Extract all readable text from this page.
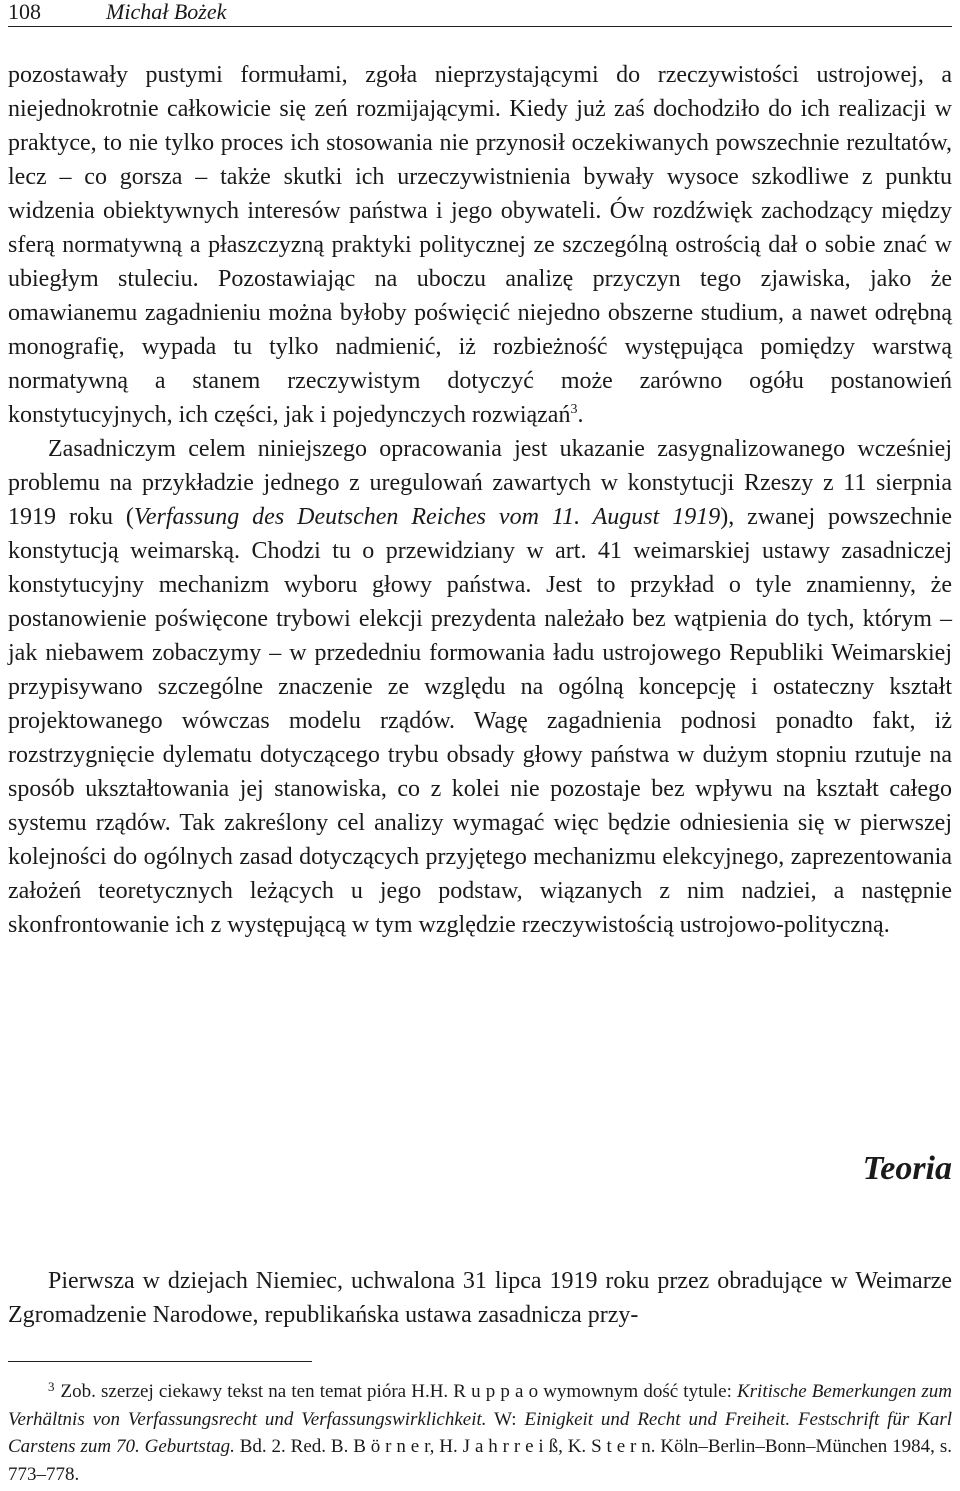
108	Michał Bożek

pozostawały pustymi formułami, zgoła nieprzystającymi do rzeczywistości ustrojowej, a niejednokrotnie całkowicie się zeń rozmijającymi. Kiedy już zaś dochodziło do ich realizacji w praktyce, to nie tylko proces ich stosowania nie przynosił oczekiwanych powszechnie rezultatów, lecz – co gorsza – także skutki ich urzeczywistnienia bywały wysoce szkodliwe z punktu widzenia obiektywnych interesów państwa i jego obywateli. Ów rozdźwięk zachodzący między sferą normatywną a płaszczyzną praktyki politycznej ze szczególną ostrością dał o sobie znać w ubiegłym stuleciu. Pozostawiając na uboczu analizę przyczyn tego zjawiska, jako że omawianemu zagadnieniu można byłoby poświęcić niejedno obszerne studium, a nawet odrębną monografię, wypada tu tylko nadmienić, iż rozbieżność występująca pomiędzy warstwą normatywną a stanem rzeczywistym dotyczyć może zarówno ogółu postanowień konstytucyjnych, ich części, jak i pojedynczych rozwiązań$^3$.

Zasadniczym celem niniejszego opracowania jest ukazanie zasygnalizowanego wcześniej problemu na przykładzie jednego z uregulowań zawartych w konstytucji Rzeszy z 11 sierpnia 1919 roku (Verfassung des Deutschen Reiches vom 11. August 1919), zwanej powszechnie konstytucją weimarską. Chodzi tu o przewidziany w art. 41 weimarskiej ustawy zasadniczej konstytucyjny mechanizm wyboru głowy państwa. Jest to przykład o tyle znamienny, że postanowienie poświęcone trybowi elekcji prezydenta należało bez wątpienia do tych, którym – jak niebawem zobaczymy – w przededniu formowania ładu ustrojowego Republiki Weimarskiej przypisywano szczególne znaczenie ze względu na ogólną koncepcję i ostateczny kształt projektowanego wówczas modelu rządów. Wagę zagadnienia podnosi ponadto fakt, iż rozstrzygnięcie dylematu dotyczącego trybu obsady głowy państwa w dużym stopniu rzutuje na sposób ukształtowania jej stanowiska, co z kolei nie pozostaje bez wpływu na kształt całego systemu rządów. Tak zakreślony cel analizy wymagać więc będzie odniesienia się w pierwszej kolejności do ogólnych zasad dotyczących przyjętego mechanizmu elekcyjnego, zaprezentowania założeń teoretycznych leżących u jego podstaw, wiązanych z nim nadziei, a następnie skonfrontowanie ich z występującą w tym względzie rzeczywistością ustrojowo-polityczną.

Teoria

Pierwsza w dziejach Niemiec, uchwalona 31 lipca 1919 roku przez obradujące w Weimarze Zgromadzenie Narodowe, republikańska ustawa zasadnicza przy-

$^3$ Zob. szerzej ciekawy tekst na ten temat pióra H.H. R u p p a o wymownym dość tytule: Kritische Bemerkungen zum Verhältnis von Verfassungsrecht und Verfassungswirklichkeit. W: Einigkeit und Recht und Freiheit. Festschrift für Karl Carstens zum 70. Geburtstag. Bd. 2. Red. B. B ö r n e r, H. J a h r r e i ß, K. S t e r n. Köln–Berlin–Bonn–München 1984, s. 773–778.
